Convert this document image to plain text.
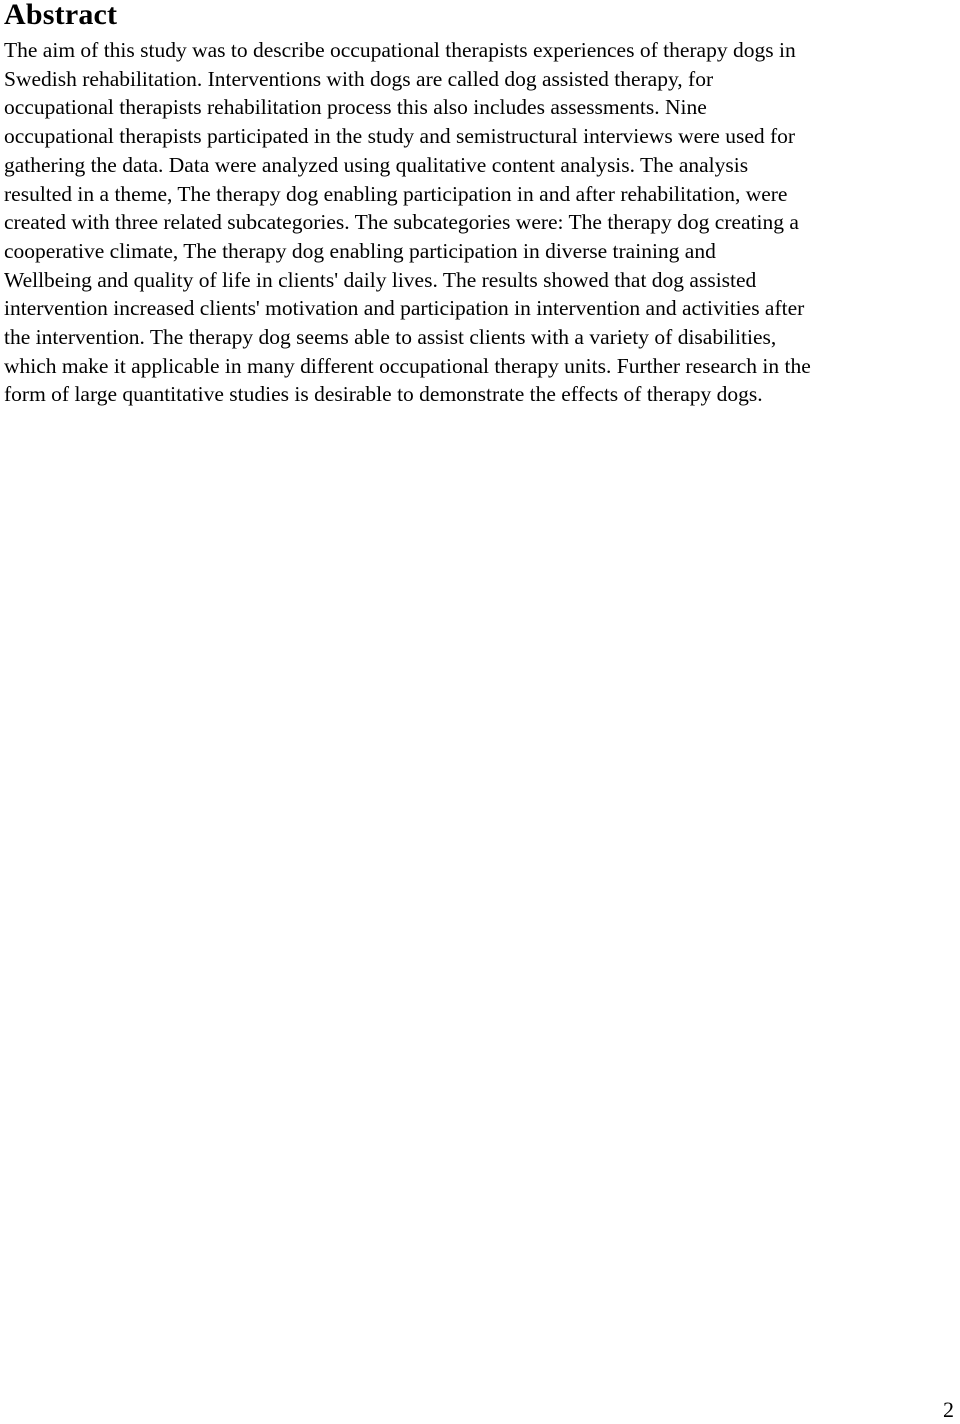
Abstract
The aim of this study was to describe occupational therapists experiences of therapy dogs in
Swedish rehabilitation. Interventions with dogs are called dog assisted therapy, for
occupational therapists rehabilitation process this also includes assessments. Nine
occupational therapists participated in the study and semistructural interviews were used for
gathering the data. Data were analyzed using qualitative content analysis. The analysis
resulted in a theme, The therapy dog enabling participation in and after rehabilitation, were
created with three related subcategories. The subcategories were: The therapy dog creating a
cooperative climate, The therapy dog enabling participation in diverse training and
Wellbeing and quality of life in clients' daily lives. The results showed that dog assisted
intervention increased clients' motivation and participation in intervention and activities after
the intervention. The therapy dog seems able to assist clients with a variety of disabilities,
which make it applicable in many different occupational therapy units. Further research in the
form of large quantitative studies is desirable to demonstrate the effects of therapy dogs.
2
